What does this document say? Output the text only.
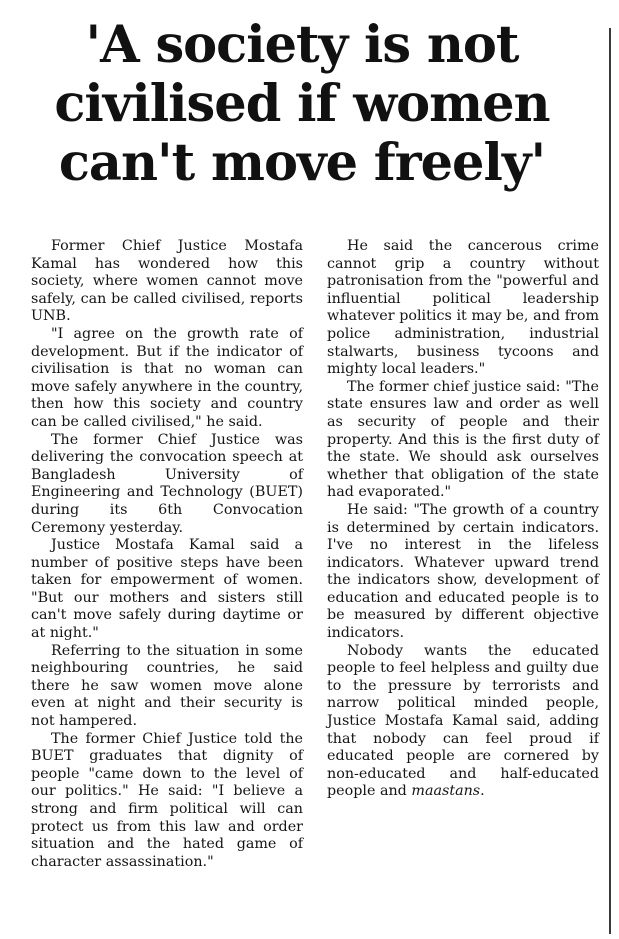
'A society is not
civilised if women
can't move freely'

Former Chief Justice Mostafa Kamal has wondered how this society, where women cannot move safely, can be called civilised, reports UNB.

"I agree on the growth rate of development. But if the indicator of civilisation is that no woman can move safely anywhere in the country, then how this society and country can be called civilised," he said.

The former Chief Justice was delivering the convocation speech at Bangladesh University of Engineering and Technology (BUET) during its 6th Convocation Ceremony yesterday.

Justice Mostafa Kamal said a number of positive steps have been taken for empowerment of women. "But our mothers and sisters still can't move safely during daytime or at night."

Referring to the situation in some neighbouring countries, he said there he saw women move alone even at night and their security is not hampered.

The former Chief Justice told the BUET graduates that dignity of people "came down to the level of our politics." He said: "I believe a strong and firm political will can protect us from this law and order situation and the hated game of character assassination."

He said the cancerous crime cannot grip a country without patronisation from the "powerful and influential political leadership whatever politics it may be, and from police administration, industrial stalwarts, business tycoons and mighty local leaders."

The former chief justice said: "The state ensures law and order as well as security of people and their property. And this is the first duty of the state. We should ask ourselves whether that obligation of the state had evaporated."

He said: "The growth of a country is determined by certain indicators. I've no interest in the lifeless indicators. Whatever upward trend the indicators show, development of education and educated people is to be measured by different objective indicators.

Nobody wants the educated people to feel helpless and guilty due to the pressure by terrorists and narrow political minded people, Justice Mostafa Kamal said, adding that nobody can feel proud if educated people are cornered by non-educated and half-educated people and maastans.
